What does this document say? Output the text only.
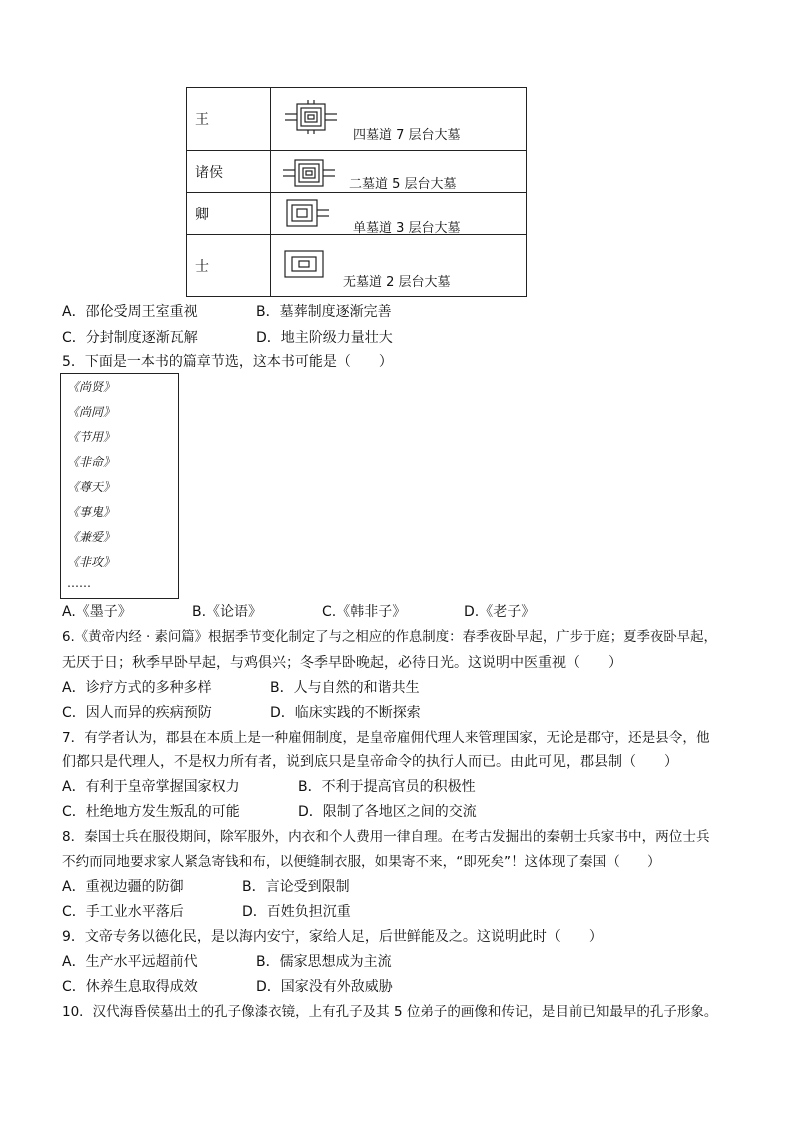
王	四墓道 7 层台大墓

诸侯	二墓道 5 层台大墓

卿	单墓道 3 层台大墓

士	无墓道 2 层台大墓
A．邵伦受周王室重视	B．墓葬制度逐渐完善
C．分封制度逐渐瓦解	D．地主阶级力量壮大
5．下面是一本书的篇章节选，这本书可能是（　　）
《尚贤》
《尚同》
《节用》
《非命》
《尊天》
《事鬼》
《兼爱》
《非攻》
……
A.《墨子》	B.《论语》	C.《韩非子》	D.《老子》
6.《黄帝内经 · 素问篇》根据季节变化制定了与之相应的作息制度：春季夜卧早起，广步于庭；夏季夜卧早起，
无厌于日；秋季早卧早起，与鸡俱兴；冬季早卧晚起，必待日光。这说明中医重视（　　）
A．诊疗方式的多种多样	B．人与自然的和谐共生
C．因人而异的疾病预防	D．临床实践的不断探索
7．有学者认为，郡县在本质上是一种雇佣制度，是皇帝雇佣代理人来管理国家，无论是郡守，还是县令，他
们都只是代理人，不是权力所有者，说到底只是皇帝命令的执行人而已。由此可见，郡县制（　　）
A．有利于皇帝掌握国家权力	B．不利于提高官员的积极性
C．杜绝地方发生叛乱的可能	D．限制了各地区之间的交流
8．秦国士兵在服役期间，除军服外，内衣和个人费用一律自理。在考古发掘出的秦朝士兵家书中，两位士兵
不约而同地要求家人紧急寄钱和布，以便缝制衣服，如果寄不来，“即死矣”！这体现了秦国（　　）
A．重视边疆的防御	B．言论受到限制
C．手工业水平落后	D．百姓负担沉重
9．文帝专务以德化民，是以海内安宁，家给人足，后世鲜能及之。这说明此时（　　）
A．生产水平远超前代	B．儒家思想成为主流
C．休养生息取得成效	D．国家没有外敌威胁
10．汉代海昏侯墓出土的孔子像漆衣镜，上有孔子及其 5 位弟子的画像和传记，是目前已知最早的孔子形象。
